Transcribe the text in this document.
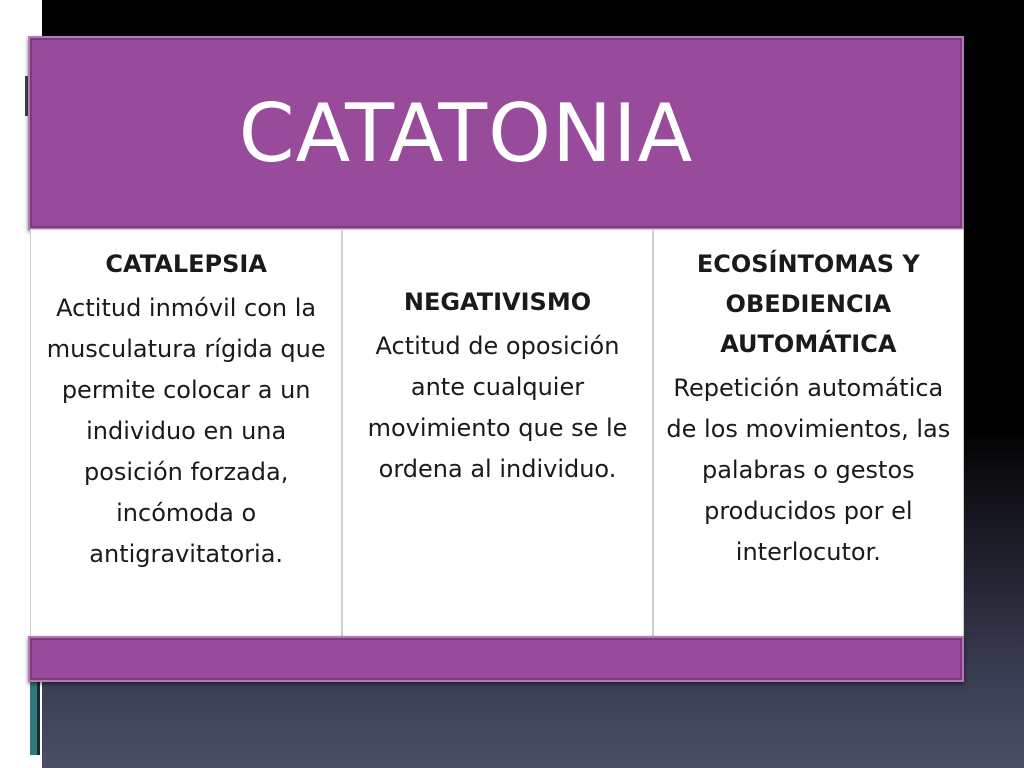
CATATONIA
CATALEPSIA
Actitud inmóvil con la musculatura rígida que permite colocar a un individuo en una posición forzada, incómoda o antigravitatoria.
NEGATIVISMO
Actitud de oposición ante cualquier movimiento que se le ordena al individuo.
ECOSÍNTOMAS Y OBEDIENCIA AUTOMÁTICA
Repetición automática de los movimientos, las palabras o gestos producidos por el interlocutor.
